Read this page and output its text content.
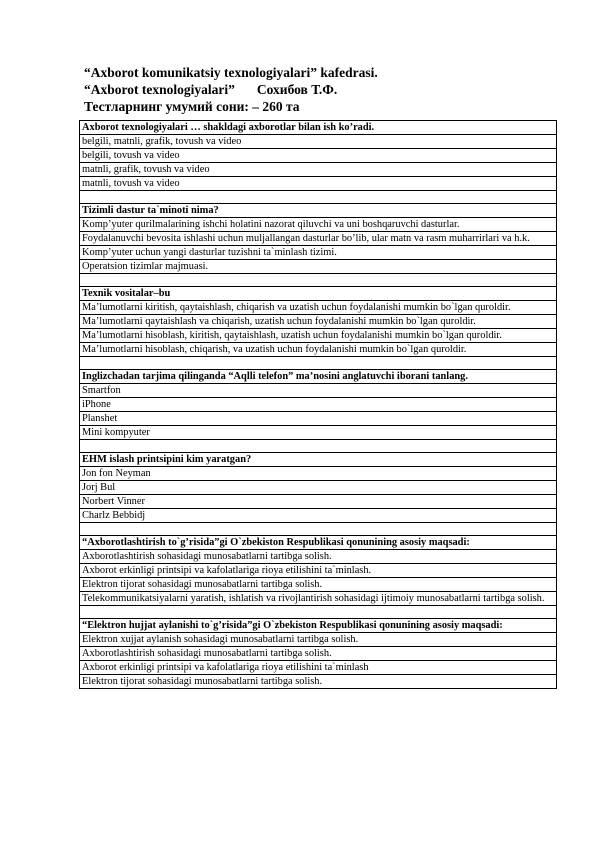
“Axborot komunikatsiy texnologiyalari” kafedrasi.
“Axborot texnologiyalari” Сохибов Т.Ф.
Тестларнинг умумий сони: – 260 та
Axborot texnologiyalari … shakldagi axborotlar bilan ish ko’radi.
belgili, matnli, grafik, tovush va video
belgili, tovush va video
matnli, grafik, tovush va video
matnli, tovush va video

Tizimli dastur ta`minoti nima?
Komp’yuter qurilmalarining ishchi holatini nazorat qiluvchi va uni boshqaruvchi dasturlar.
Foydalanuvchi bevosita ishlashi uchun muljallangan dasturlar bo’lib, ular matn va rasm muharrirlari va h.k.
Komp’yuter uchun yangi dasturlar tuzishni ta`minlash tizimi.
Operatsion tizimlar majmuasi.

Texnik vositalar–bu
Ma’lumotlarni kiritish, qaytaishlash, chiqarish va uzatish uchun foydalanishi mumkin bo`lgan quroldir.
Ma’lumotlarni qaytaishlash va chiqarish, uzatish uchun foydalanishi mumkin bo`lgan quroldir.
Ma’lumotlarni hisoblash, kiritish, qaytaishlash, uzatish uchun foydalanishi mumkin bo`lgan quroldir.
Ma’lumotlarni hisoblash, chiqarish, va uzatish uchun foydalanishi mumkin bo`lgan quroldir.

Inglizchadan tarjima qilinganda “Aqlli telefon” ma’nosini anglatuvchi iborani tanlang.
Smartfon
iPhone
Planshet
Mini kompyuter

EHM islash printsipini kim yaratgan?
Jon fon Neyman
Jorj Bul
Norbert Vinner
Charlz Bebbidj

“Axborotlashtirish to`g’risida”gi O`zbekiston Respublikasi qonunining asosiy maqsadi:
Axborotlashtirish sohasidagi munosabatlarni tartibga solish.
Axborot erkinligi printsipi va kafolatlariga rioya etilishini ta`minlash.
Elektron tijorat sohasidagi munosabatlarni tartibga solish.
Telekommunikatsiyalarni yaratish, ishlatish va rivojlantirish sohasidagi ijtimoiy munosabatlarni tartibga solish.

“Elektron hujjat aylanishi to`g’risida”gi O`zbekiston Respublikasi qonunining asosiy maqsadi:
Elektron xujjat aylanish sohasidagi munosabatlarni tartibga solish.
Axborotlashtirish sohasidagi munosabatlarni tartibga solish.
Axborot erkinligi printsipi va kafolatlariga rioya etilishini ta`minlash
Elektron tijorat sohasidagi munosabatlarni tartibga solish.
